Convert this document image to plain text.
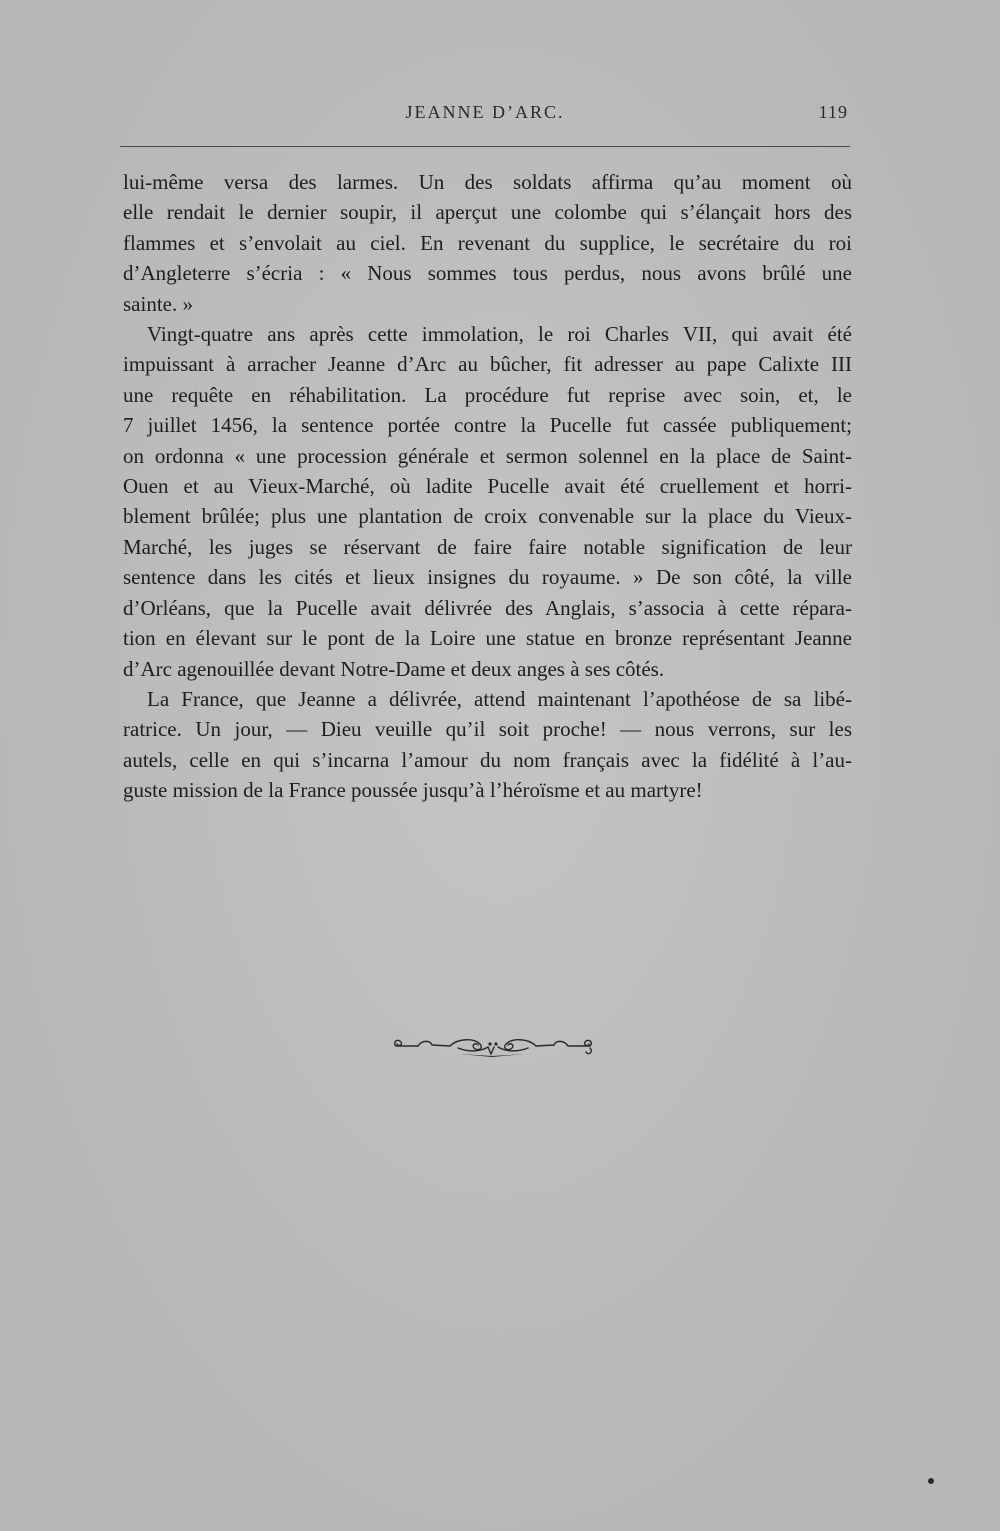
JEANNE D’ARC.	119

lui-même versa des larmes. Un des soldats affirma qu’au moment où
elle rendait le dernier soupir, il aperçut une colombe qui s’élançait hors des
flammes et s’envolait au ciel. En revenant du supplice, le secrétaire du roi
d’Angleterre s’écria : « Nous sommes tous perdus, nous avons brûlé une
sainte. »

Vingt-quatre ans après cette immolation, le roi Charles VII, qui avait été
impuissant à arracher Jeanne d’Arc au bûcher, fit adresser au pape Calixte III
une requête en réhabilitation. La procédure fut reprise avec soin, et, le
7 juillet 1456, la sentence portée contre la Pucelle fut cassée publiquement;
on ordonna « une procession générale et sermon solennel en la place de Saint-
Ouen et au Vieux-Marché, où ladite Pucelle avait été cruellement et horri-
blement brûlée; plus une plantation de croix convenable sur la place du Vieux-
Marché, les juges se réservant de faire faire notable signification de leur
sentence dans les cités et lieux insignes du royaume. » De son côté, la ville
d’Orléans, que la Pucelle avait délivrée des Anglais, s’associa à cette répara-
tion en élevant sur le pont de la Loire une statue en bronze représentant Jeanne
d’Arc agenouillée devant Notre-Dame et deux anges à ses côtés.

La France, que Jeanne a délivrée, attend maintenant l’apothéose de sa libé-
ratrice. Un jour, — Dieu veuille qu’il soit proche! — nous verrons, sur les
autels, celle en qui s’incarna l’amour du nom français avec la fidélité à l’au-
guste mission de la France poussée jusqu’à l’héroïsme et au martyre!
